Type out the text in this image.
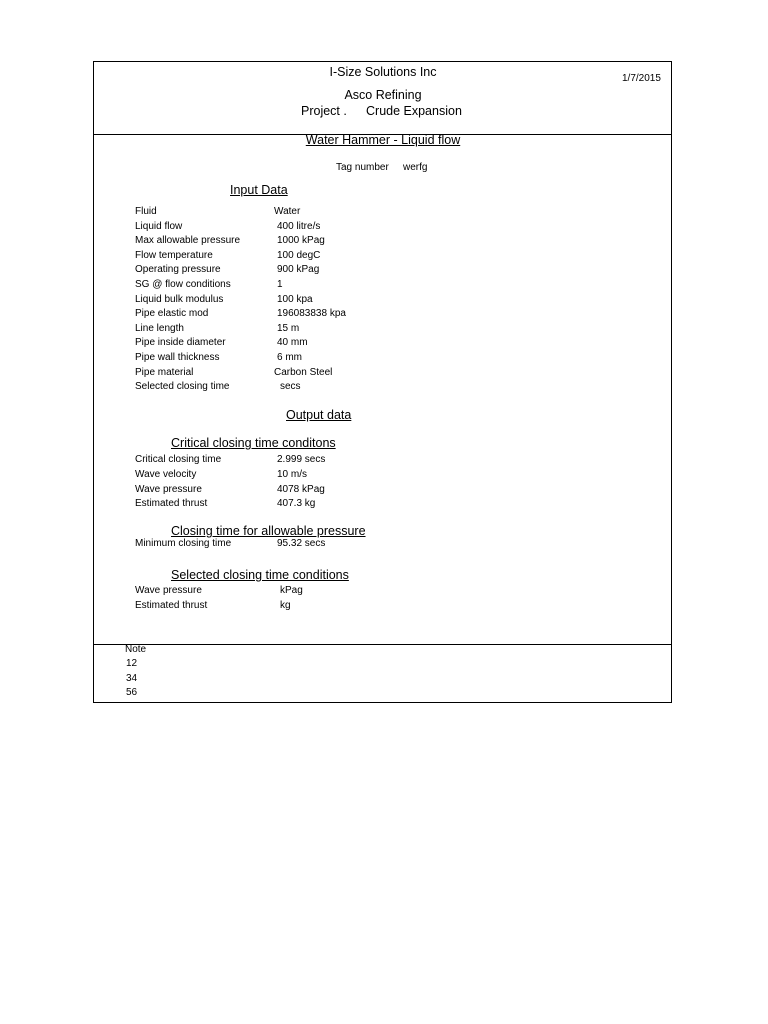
I-Size Solutions Inc	1/7/2015
Asco Refining
Project . Crude Expansion
Water Hammer - Liquid flow
Tag number werfg
Input Data
Fluid	Water
Liquid flow	400 litre/s
Max allowable pressure	1000 kPag
Flow temperature	100 degC
Operating pressure	900 kPag
SG @ flow conditions	1
Liquid bulk modulus	100 kpa
Pipe elastic mod	196083838 kpa
Line length	15 m
Pipe inside diameter	40 mm
Pipe wall thickness	6 mm
Pipe material	Carbon Steel
Selected closing time	secs
Output data
Critical closing time conditons
Critical closing time	2.999 secs
Wave velocity	10 m/s
Wave pressure	4078 kPag
Estimated thrust	407.3 kg
Closing time for allowable pressure
Minimum closing time	95.32 secs
Selected closing time conditions
Wave pressure	kPag
Estimated thrust	kg
Note
12
34
56
